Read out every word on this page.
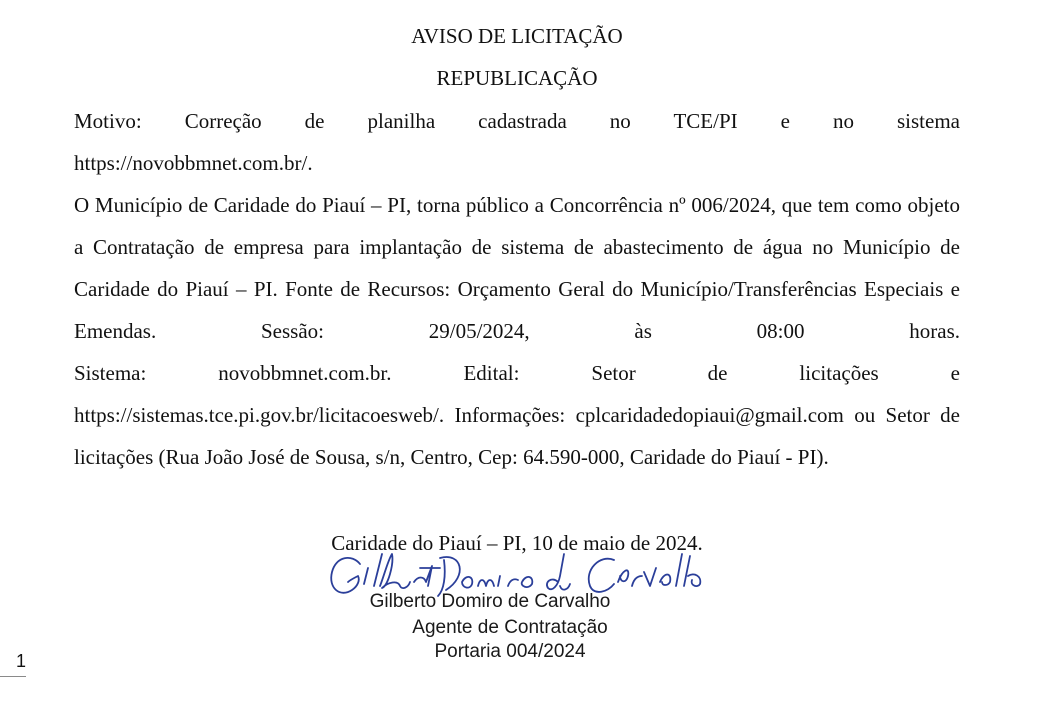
AVISO DE LICITAÇÃO
REPUBLICAÇÃO

Motivo: Correção de planilha cadastrada no TCE/PI e no sistema

https://novobbmnet.com.br/.

O Município de Caridade do Piauí – PI, torna público a Concorrência nº 006/2024, que tem como objeto a Contratação de empresa para implantação de sistema de abastecimento de água no Município de Caridade do Piauí – PI. Fonte de Recursos: Orçamento Geral do Município/Transferências Especiais e Emendas. Sessão: 29/05/2024, às 08:00 horas.

Sistema: novobbmnet.com.br. Edital: Setor de licitações e

https://sistemas.tce.pi.gov.br/licitacoesweb/. Informações: cplcaridadedopiaui@gmail.com ou Setor de licitações (Rua João José de Sousa, s/n, Centro, Cep: 64.590-000, Caridade do Piauí - PI).

Caridade do Piauí – PI, 10 de maio de 2024.
Gilberto Domiro de Carvalho
Agente de Contratação
Portaria 004/2024
1
